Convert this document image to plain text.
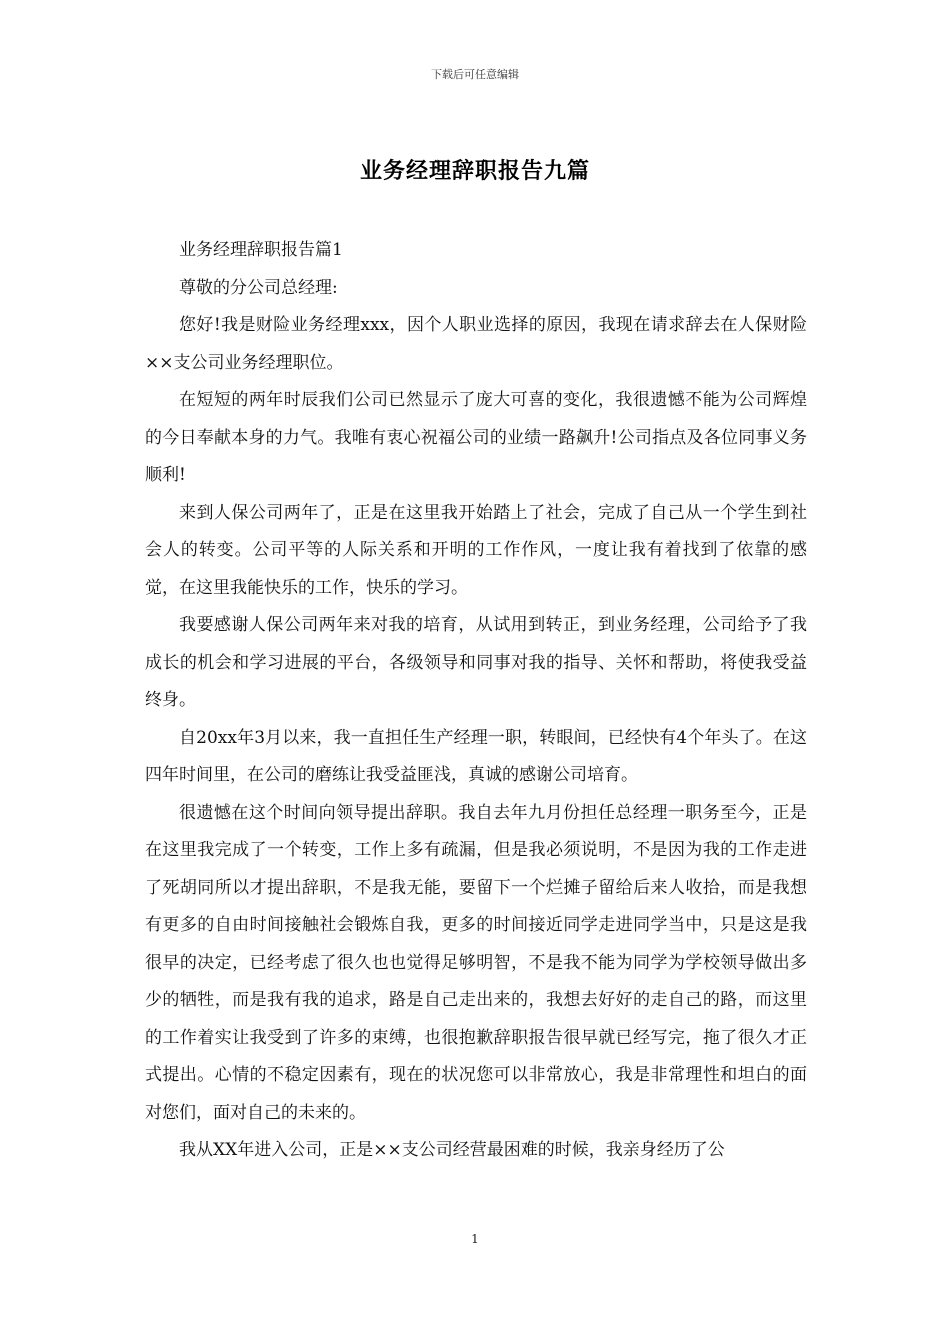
下载后可任意编辑
业务经理辞职报告九篇

业务经理辞职报告篇1

尊敬的分公司总经理:

您好!我是财险业务经理xxx，因个人职业选择的原因，我现在请求辞去在人保财险××支公司业务经理职位。

在短短的两年时辰我们公司已然显示了庞大可喜的变化，我很遗憾不能为公司辉煌的今日奉献本身的力气。我唯有衷心祝福公司的业绩一路飙升!公司指点及各位同事义务顺利!

来到人保公司两年了，正是在这里我开始踏上了社会，完成了自己从一个学生到社会人的转变。公司平等的人际关系和开明的工作作风，一度让我有着找到了依靠的感觉，在这里我能快乐的工作，快乐的学习。

我要感谢人保公司两年来对我的培育，从试用到转正，到业务经理，公司给予了我成长的机会和学习进展的平台，各级领导和同事对我的指导、关怀和帮助，将使我受益终身。

自20xx年3月以来，我一直担任生产经理一职，转眼间，已经快有4个年头了。在这四年时间里，在公司的磨练让我受益匪浅，真诚的感谢公司培育。

很遗憾在这个时间向领导提出辞职。我自去年九月份担任总经理一职务至今，正是在这里我完成了一个转变，工作上多有疏漏，但是我必须说明，不是因为我的工作走进了死胡同所以才提出辞职，不是我无能，要留下一个烂摊子留给后来人收拾，而是我想有更多的自由时间接触社会锻炼自我，更多的时间接近同学走进同学当中，只是这是我很早的决定，已经考虑了很久也也觉得足够明智，不是我不能为同学为学校领导做出多少的牺牲，而是我有我的追求，路是自己走出来的，我想去好好的走自己的路，而这里的工作着实让我受到了许多的束缚，也很抱歉辞职报告很早就已经写完，拖了很久才正式提出。心情的不稳定因素有，现在的状况您可以非常放心，我是非常理性和坦白的面对您们，面对自己的未来的。

我从XX年进入公司，正是××支公司经营最困难的时候，我亲身经历了公

1
